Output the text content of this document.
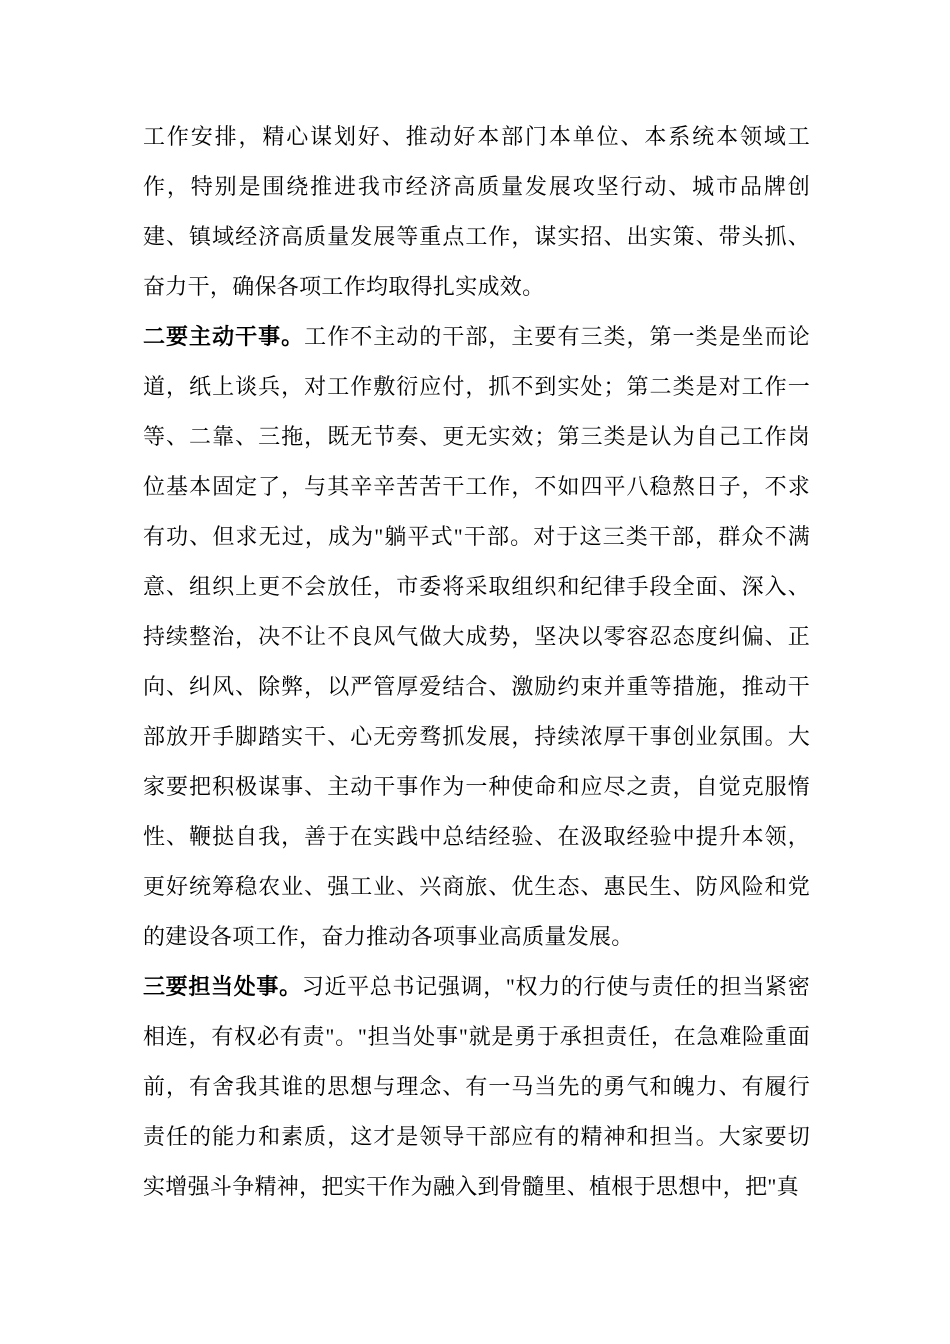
工作安排，精心谋划好、推动好本部门本单位、本系统本领域工作，特别是围绕推进我市经济高质量发展攻坚行动、城市品牌创建、镇域经济高质量发展等重点工作，谋实招、出实策、带头抓、奋力干，确保各项工作均取得扎实成效。

二要主动干事。工作不主动的干部，主要有三类，第一类是坐而论道，纸上谈兵，对工作敷衍应付，抓不到实处；第二类是对工作一等、二靠、三拖，既无节奏、更无实效；第三类是认为自己工作岗位基本固定了，与其辛辛苦苦干工作，不如四平八稳熬日子，不求有功、但求无过，成为"躺平式"干部。对于这三类干部，群众不满意、组织上更不会放任，市委将采取组织和纪律手段全面、深入、持续整治，决不让不良风气做大成势，坚决以零容忍态度纠偏、正向、纠风、除弊，以严管厚爱结合、激励约束并重等措施，推动干部放开手脚踏实干、心无旁骛抓发展，持续浓厚干事创业氛围。大家要把积极谋事、主动干事作为一种使命和应尽之责，自觉克服惰性、鞭挞自我，善于在实践中总结经验、在汲取经验中提升本领，更好统筹稳农业、强工业、兴商旅、优生态、惠民生、防风险和党的建设各项工作，奋力推动各项事业高质量发展。

三要担当处事。习近平总书记强调，"权力的行使与责任的担当紧密相连，有权必有责"。"担当处事"就是勇于承担责任，在急难险重面前，有舍我其谁的思想与理念、有一马当先的勇气和魄力、有履行责任的能力和素质，这才是领导干部应有的精神和担当。大家要切实增强斗争精神，把实干作为融入到骨髓里、植根于思想中，把"真
